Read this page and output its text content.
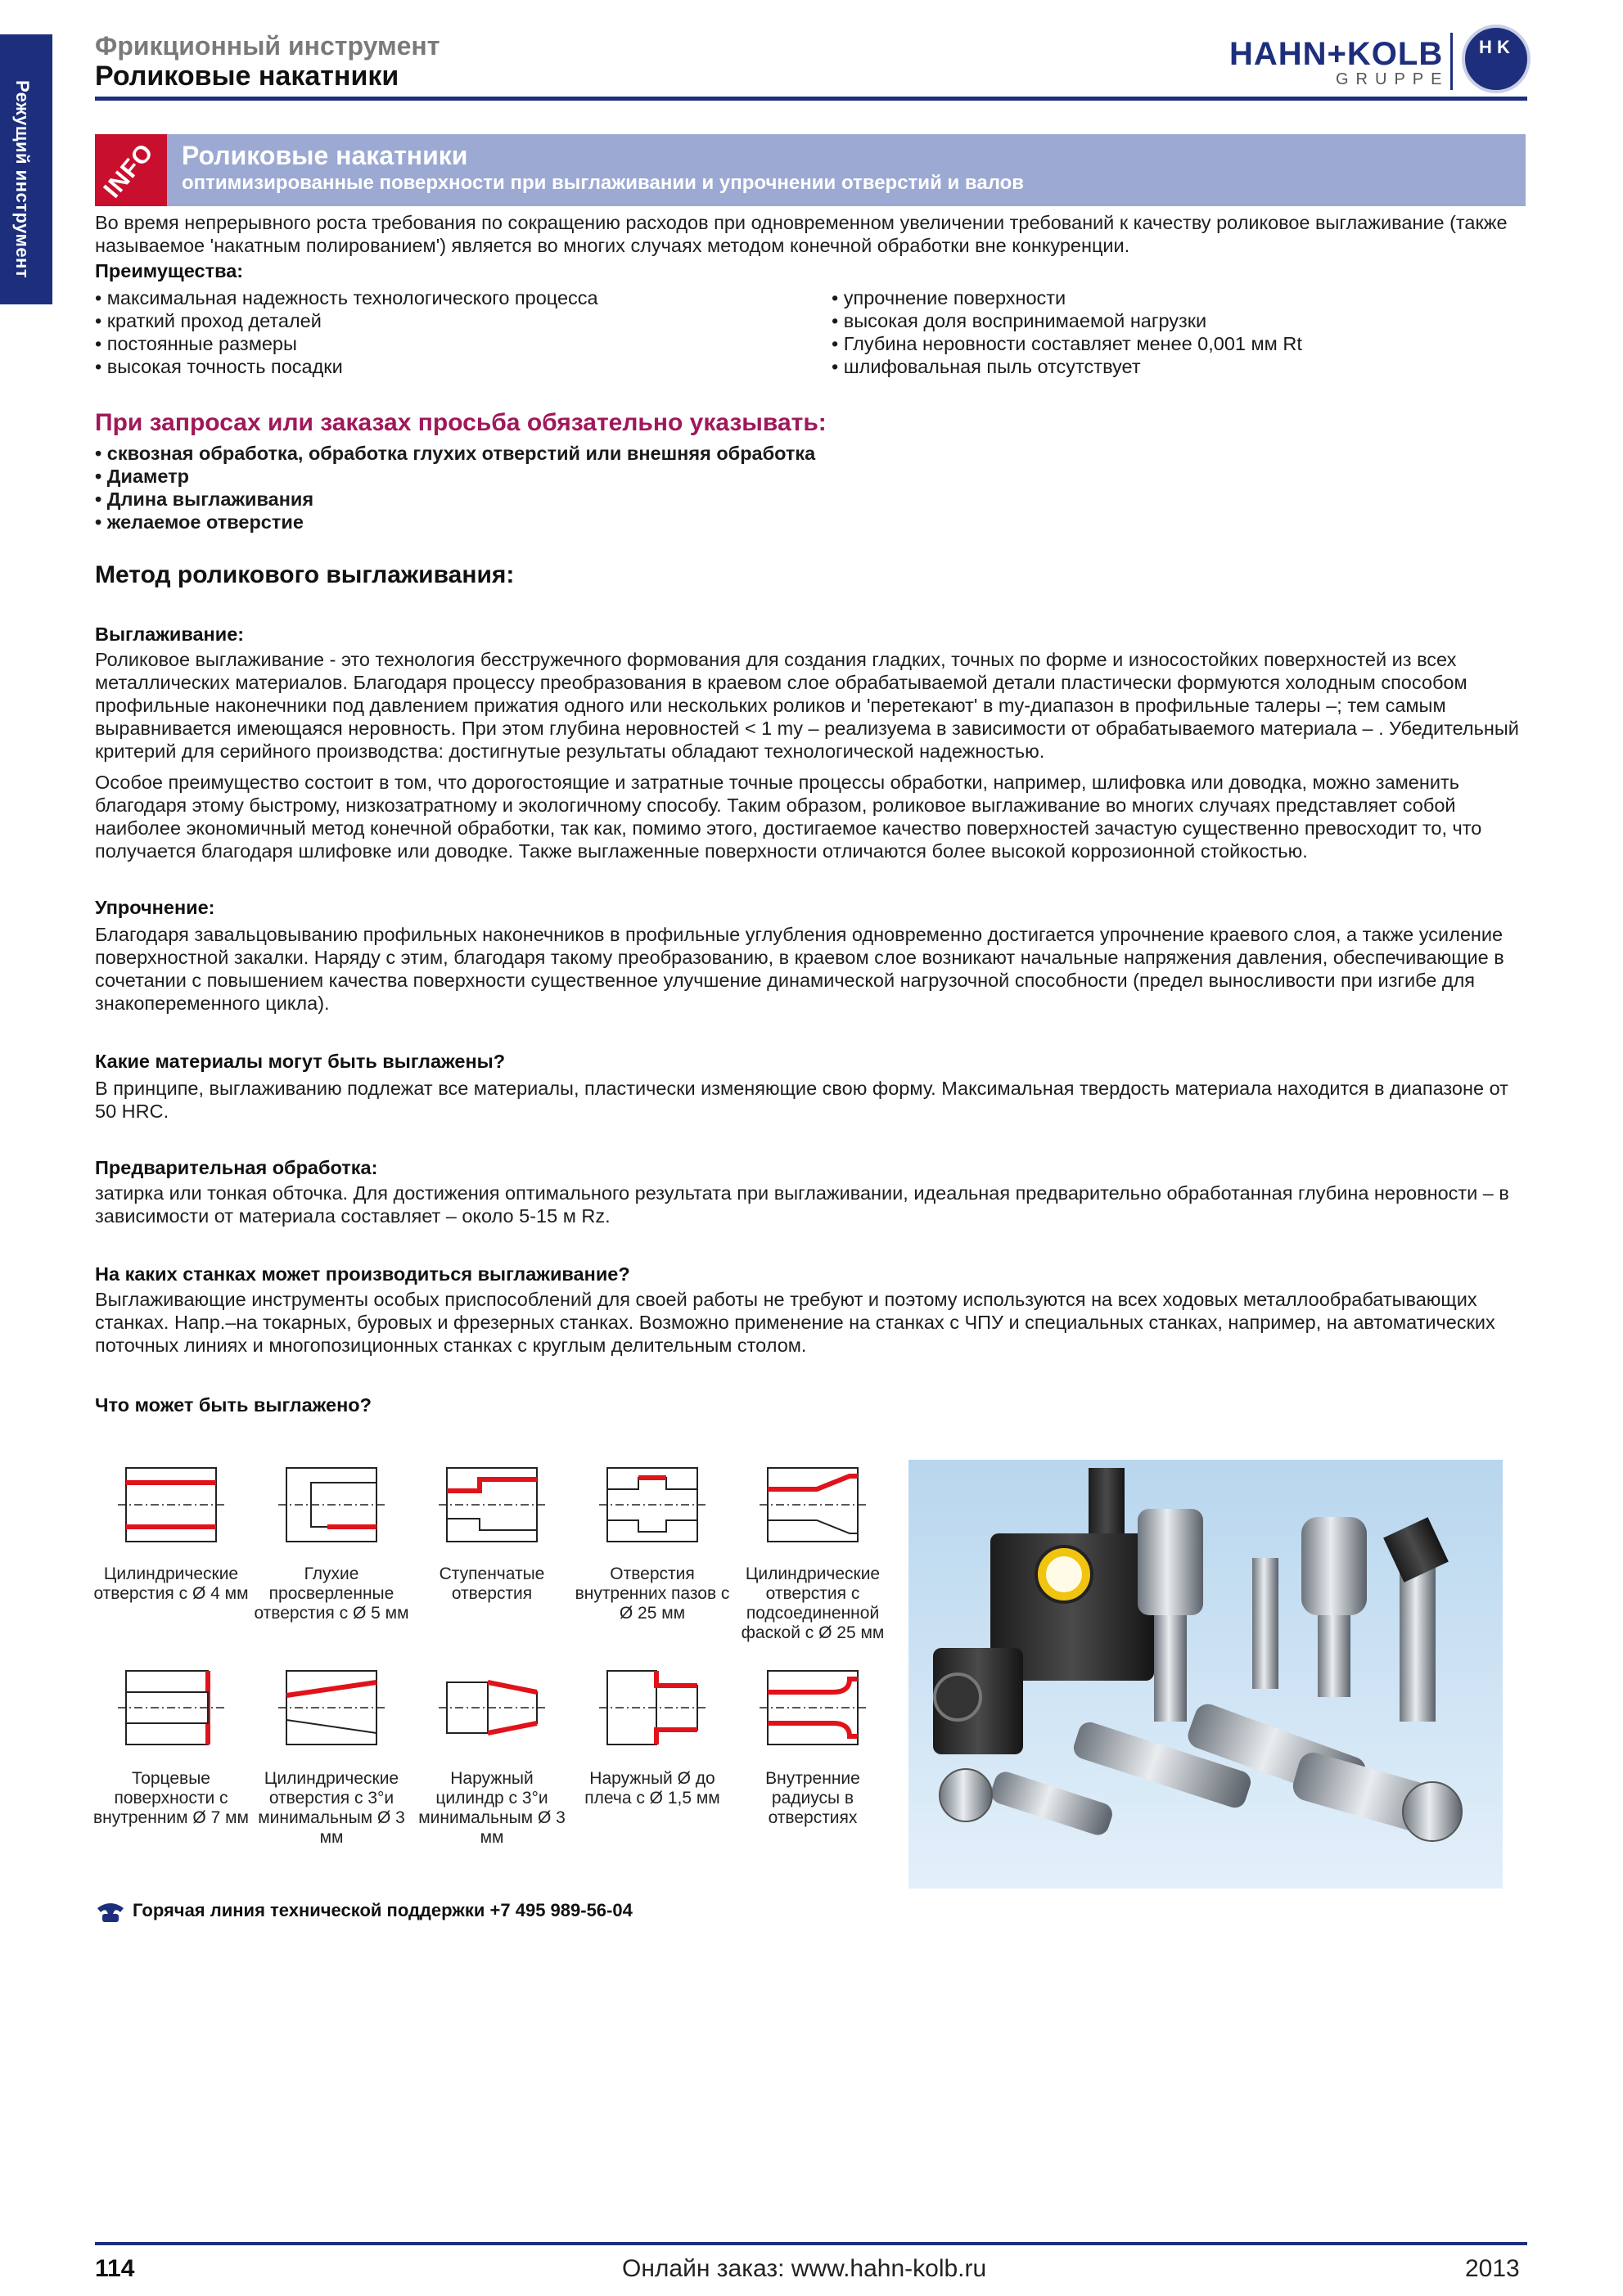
Режущий инструмент
Фрикционный инструмент
Роликовые накатники
HAHN+KOLB
GRUPPE
H K
INFO Роликовые накатники
оптимизированные поверхности при выглаживании и упрочнении отверстий и валов
Во время непрерывного роста требования по сокращению расходов при одновременном увеличении требований к качеству роликовое выглаживание (также называемое 'накатным полированием') является во многих случаях методом конечной обработки вне конкуренции.
Преимущества:
• максимальная надежность технологического процесса
• краткий проход деталей
• постоянные размеры
• высокая точность посадки
• упрочнение поверхности
• высокая доля воспринимаемой нагрузки
• Глубина неровности составляет менее 0,001 мм Rt
• шлифовальная пыль отсутствует
При запросах или заказах просьба обязательно указывать:
• сквозная обработка, обработка глухих отверстий или внешняя обработка
• Диаметр
• Длина выглаживания
• желаемое отверстие
Метод роликового выглаживания:
Выглаживание:
Роликовое выглаживание - это технология бесстружечного формования для создания гладких, точных по форме и износостойких поверхностей из всех металлических материалов. Благодаря процессу преобразования в краевом слое обрабатываемой детали пластически формуются холодным способом профильные наконечники под давлением прижатия одного или нескольких роликов и 'перетекают' в my-диапазон в профильные талеры –; тем самым выравнивается имеющаяся неровность. При этом глубина неровностей < 1 my – реализуема в зависимости от обрабатываемого материала – . Убедительный критерий для серийного производства: достигнутые результаты обладают технологической надежностью.
Особое преимущество состоит в том, что дорогостоящие и затратные точные процессы обработки, например, шлифовка или доводка, можно заменить благодаря этому быстрому, низкозатратному и экологичному способу. Таким образом, роликовое выглаживание во многих случаях представляет собой наиболее экономичный метод конечной обработки, так как, помимо этого, достигаемое качество поверхностей зачастую существенно превосходит то, что получается благодаря шлифовке или доводке. Также выглаженные поверхности отличаются более высокой коррозионной стойкостью.
Упрочнение:
Благодаря завальцовыванию профильных наконечников в профильные углубления одновременно достигается упрочнение краевого слоя, а также усиление поверхностной закалки. Наряду с этим, благодаря такому преобразованию, в краевом слое возникают начальные напряжения давления, обеспечивающие в сочетании с повышением качества поверхности существенное улучшение динамической нагрузочной способности (предел выносливости при изгибе для знакопеременного цикла).
Какие материалы могут быть выглажены?
В принципе, выглаживанию подлежат все материалы, пластически изменяющие свою форму. Максимальная твердость материала находится в диапазоне от 50 HRC.
Предварительная обработка:
затирка или тонкая обточка. Для достижения оптимального результата при выглаживании, идеальная предварительно обработанная глубина неровности – в зависимости от материала составляет – около 5-15 м Rz.
На каких станках может производиться выглаживание?
Выглаживающие инструменты особых приспособлений для своей работы не требуют и поэтому используются на всех ходовых металлообрабатывающих станках. Напр.–на токарных, буровых и фрезерных станках. Возможно применение на станках с ЧПУ и специальных станках, например, на автоматических поточных линиях и многопозиционных станках с круглым делительным столом.
Что может быть выглажено?
Цилиндрические отверстия с Ø 4 мм
Глухие просверленные отверстия с Ø 5 мм
Ступенчатые отверстия
Отверстия внутренних пазов с Ø 25 мм
Цилиндрические отверстия с подсоединенной фаской с Ø 25 мм
Торцевые поверхности с внутренним Ø 7 мм
Цилиндрические отверстия с 3°и минимальным Ø 3 мм
Наружный цилиндр с 3°и минимальным Ø 3 мм
Наружный Ø до плеча с Ø 1,5 мм
Внутренние радиусы в отверстиях
Горячая линия технической поддержки +7 495 989-56-04
114	Онлайн заказ: www.hahn-kolb.ru	2013
